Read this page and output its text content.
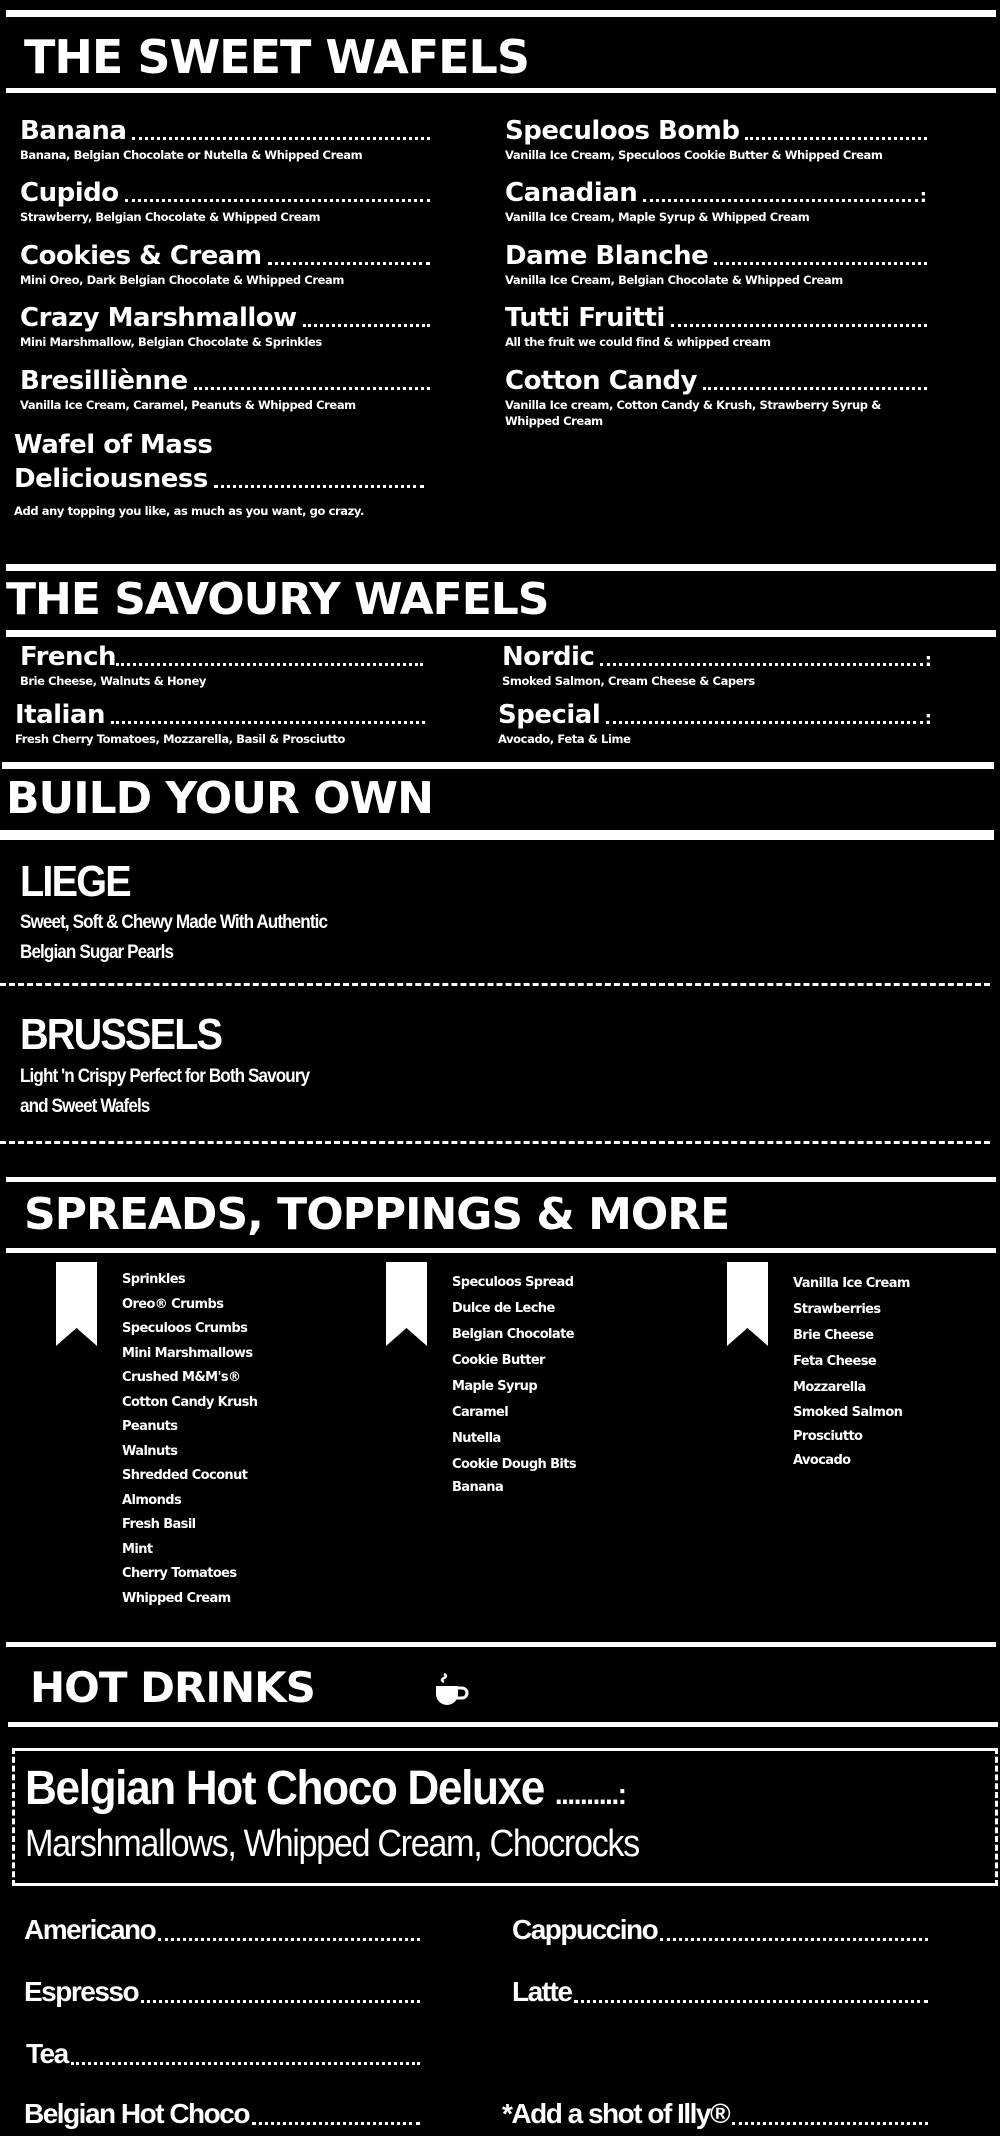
THE SWEET WAFELS
Banana
Banana, Belgian Chocolate or Nutella & Whipped Cream
Cupido
Strawberry, Belgian Chocolate & Whipped Cream
Cookies & Cream
Mini Oreo, Dark Belgian Chocolate & Whipped Cream
Crazy Marshmallow
Mini Marshmallow, Belgian Chocolate & Sprinkles
Bresilliènne
Vanilla Ice Cream, Caramel, Peanuts & Whipped Cream
Wafel of Mass
Deliciousness
Add any topping you like, as much as you want, go crazy.
Speculoos Bomb
Vanilla Ice Cream, Speculoos Cookie Butter & Whipped Cream
Canadian	:
Vanilla Ice Cream, Maple Syrup & Whipped Cream
Dame Blanche
Vanilla Ice Cream, Belgian Chocolate & Whipped Cream
Tutti Fruitti
All the fruit we could find & whipped cream
Cotton Candy
Vanilla Ice cream, Cotton Candy & Krush, Strawberry Syrup & Whipped Cream
THE SAVOURY WAFELS
French
Brie Cheese, Walnuts & Honey
Nordic	:
Smoked Salmon, Cream Cheese & Capers
Italian
Fresh Cherry Tomatoes, Mozzarella, Basil & Prosciutto
Special	:
Avocado, Feta & Lime
BUILD YOUR OWN
LIEGE
Sweet, Soft & Chewy Made With Authentic
Belgian Sugar Pearls
BRUSSELS
Light 'n Crispy Perfect for Both Savoury
and Sweet Wafels
SPREADS, TOPPINGS & MORE
Sprinkles
Oreo® Crumbs
Speculoos Crumbs
Mini Marshmallows
Crushed M&M's®
Cotton Candy Krush
Peanuts
Walnuts
Shredded Coconut
Almonds
Fresh Basil
Mint
Cherry Tomatoes
Whipped Cream
Speculoos Spread
Dulce de Leche
Belgian Chocolate
Cookie Butter
Maple Syrup
Caramel
Nutella
Cookie Dough Bits
Banana
Vanilla Ice Cream
Strawberries
Brie Cheese
Feta Cheese
Mozzarella
Smoked Salmon
Prosciutto
Avocado
HOT DRINKS
Belgian Hot Choco Deluxe ..........:
Marshmallows, Whipped Cream, Chocrocks
Americano	Cappuccino
Espresso	Latte
Tea
Belgian Hot Choco	*Add a shot of Illy®
